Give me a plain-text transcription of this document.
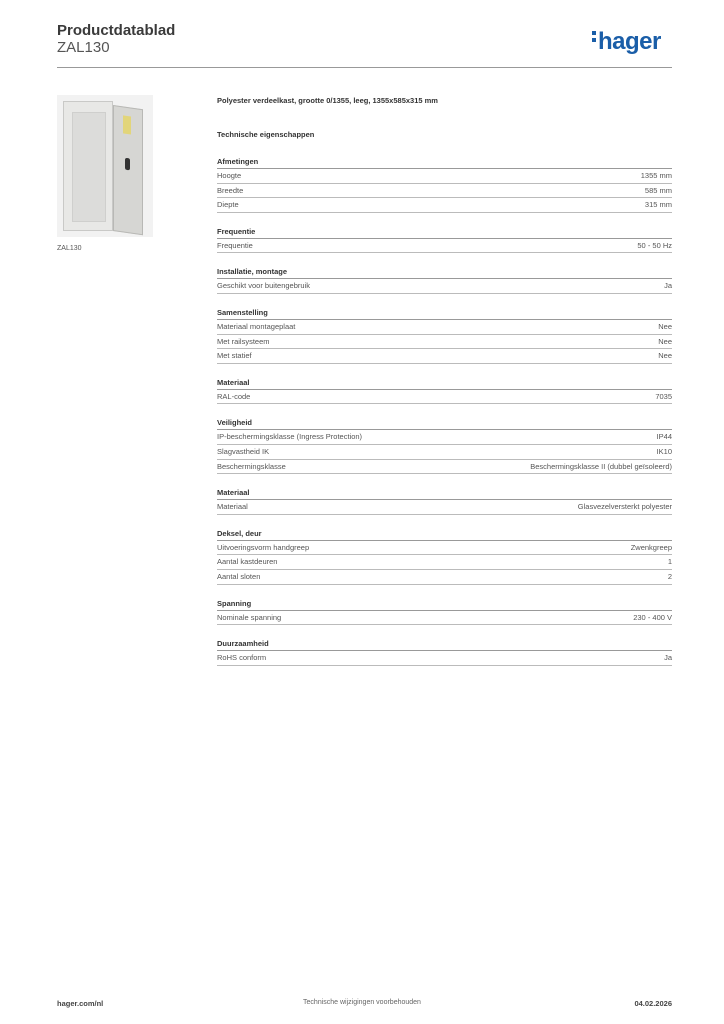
Productdatablad
ZAL130	hager
ZAL130
Polyester verdeelkast, grootte 0/1355, leeg, 1355x585x315 mm
Technische eigenschappen
Afmetingen
Hoogte	1355 mm
Breedte	585 mm
Diepte	315 mm
Frequentie
Frequentie	50 - 50 Hz
Installatie, montage
Geschikt voor buitengebruik	Ja
Samenstelling
Materiaal montageplaat	Nee
Met railsysteem	Nee
Met statief	Nee
Materiaal
RAL-code	7035
Veiligheid
IP-beschermingsklasse (Ingress Protection)	IP44
Slagvastheid IK	IK10
Beschermingsklasse	Beschermingsklasse II (dubbel geïsoleerd)
Materiaal
Materiaal	Glasvezelversterkt polyester
Deksel, deur
Uitvoeringsvorm handgreep	Zwenkgreep
Aantal kastdeuren	1
Aantal sloten	2
Spanning
Nominale spanning	230 - 400 V
Duurzaamheid
RoHS conform	Ja
hager.com/nl	Technische wijzigingen voorbehouden	04.02.2026
